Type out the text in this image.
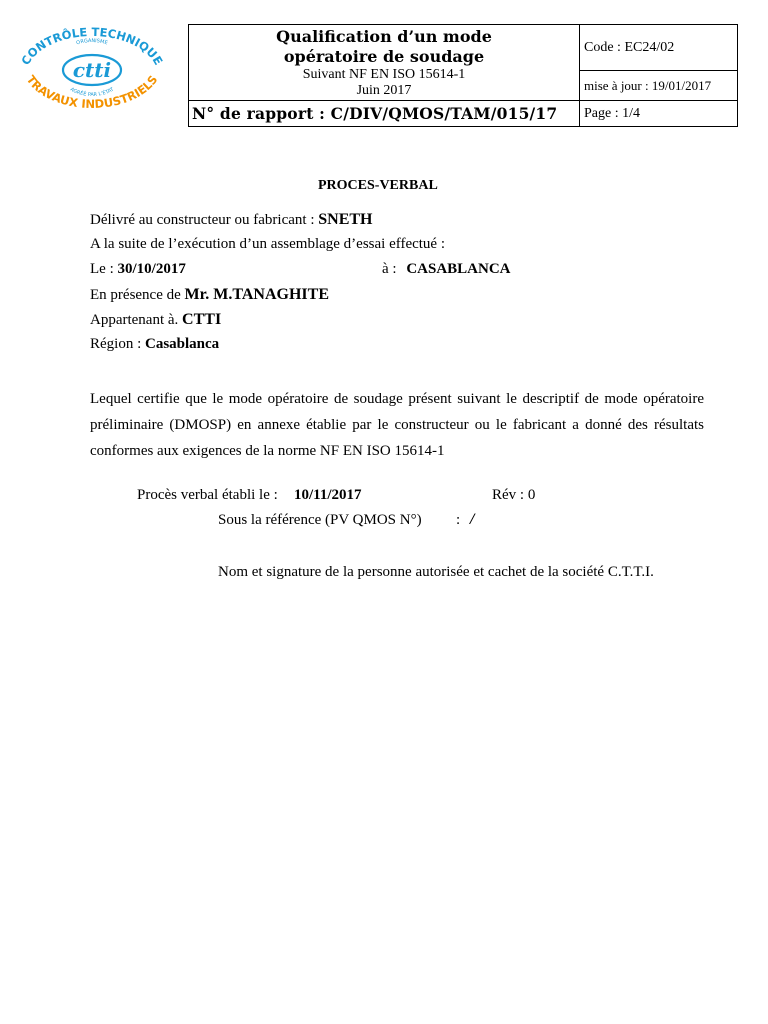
CONTRÔLE TECHNIQUE
ORGANISME
ctti
AGRÉÉ PAR L'ÉTAT
TRAVAUX INDUSTRIELS
Qualification d’un mode
opératoire de soudage
Suivant NF EN ISO 15614-1
Juin 2017	Code : EC24/02
	mise à jour : 19/01/2017
N° de rapport : C/DIV/QMOS/TAM/015/17	Page : 1/4
PROCES-VERBAL
Délivré au constructeur ou fabricant : SNETH
A la suite de l’exécution d’un assemblage d’essai effectué :
Le : 30/10/2017	à : CASABLANCA
En présence de Mr. M.TANAGHITE
Appartenant à. CTTI
Région : Casablanca
Lequel certifie que le mode opératoire de soudage présent suivant le descriptif de mode opératoire préliminaire (DMOSP) en annexe établie par le constructeur ou le fabricant a donné des résultats conformes aux exigences de la norme NF EN ISO 15614-1
Procès verbal établi le : 10/11/2017	Rév : 0
Sous la référence (PV QMOS N°) : /
Nom et signature de la personne autorisée et cachet de la société C.T.T.I.
